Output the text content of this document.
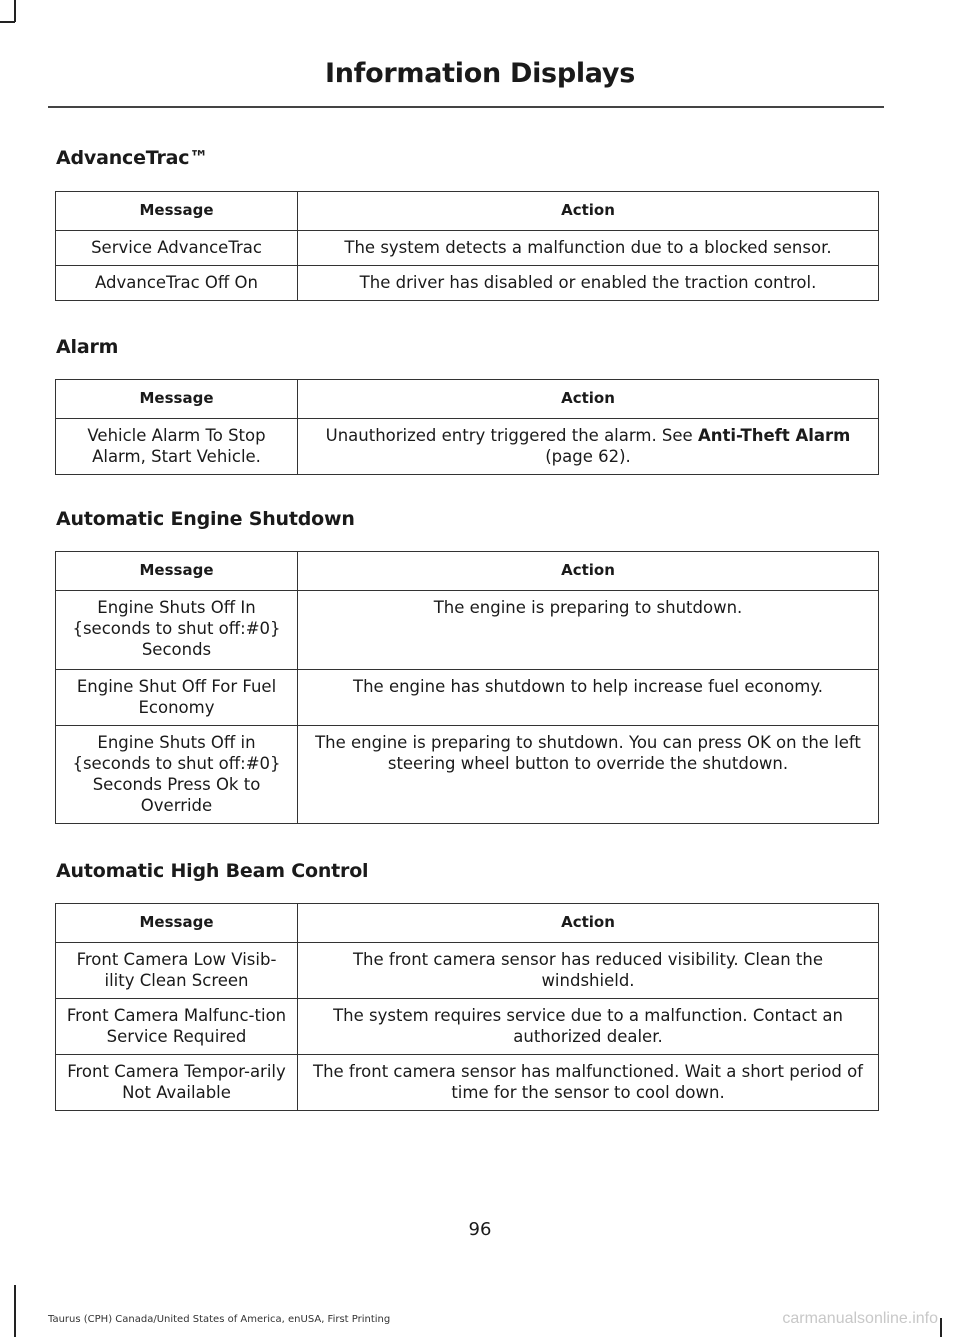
Information Displays
AdvanceTrac™
Message	Action
Service AdvanceTrac	The system detects a malfunction due to a blocked sensor.
AdvanceTrac Off On	The driver has disabled or enabled the traction control.
Alarm
Message	Action
Vehicle Alarm To Stop Alarm, Start Vehicle.	Unauthorized entry triggered the alarm. See Anti-Theft Alarm (page 62).
Automatic Engine Shutdown
Message	Action
Engine Shuts Off In {seconds to shut off:#0} Seconds	The engine is preparing to shutdown.
Engine Shut Off For Fuel Economy	The engine has shutdown to help increase fuel economy.
Engine Shuts Off in {seconds to shut off:#0} Seconds Press Ok to Override	The engine is preparing to shutdown. You can press OK on the left steering wheel button to override the shutdown.
Automatic High Beam Control
Message	Action
Front Camera Low Visib-ility Clean Screen	The front camera sensor has reduced visibility. Clean the windshield.
Front Camera Malfunc-tion Service Required	The system requires service due to a malfunction. Contact an authorized dealer.
Front Camera Tempor-arily Not Available	The front camera sensor has malfunctioned. Wait a short period of time for the sensor to cool down.
96
Taurus (CPH) Canada/United States of America, enUSA, First Printing	carmanualsonline.info
